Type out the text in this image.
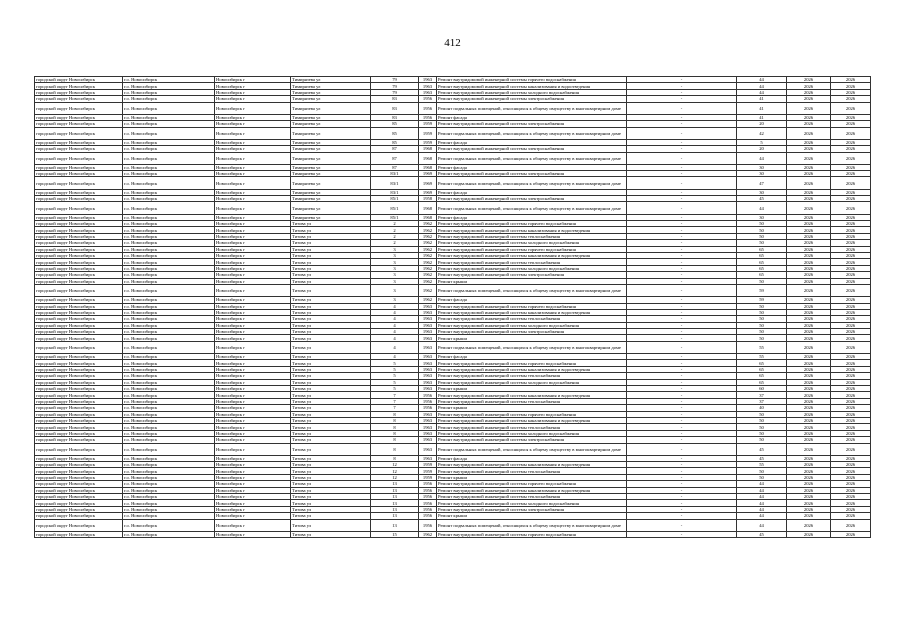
412
городской округ Новосибирск	г.о. Новосибирск	Новосибирск г	Тимирязева ул	79	1963	Ремонт внутридомовой инженерной системы горячего водоснабжения	-	44	2026	2026
городской округ Новосибирск	г.о. Новосибирск	Новосибирск г	Тимирязева ул	79	1963	Ремонт внутридомовой инженерной системы канализования и водоотведения	-	44	2026	2026
городской округ Новосибирск	г.о. Новосибирск	Новосибирск г	Тимирязева ул	79	1963	Ремонт внутридомовой инженерной системы холодного водоснабжения	-	44	2026	2026
городской округ Новосибирск	г.о. Новосибирск	Новосибирск г	Тимирязева ул	83	1956	Ремонт внутридомовой инженерной системы электроснабжения	-	41	2026	2026
городской округ Новосибирск	г.о. Новосибирск	Новосибирск г	Тимирязева ул	83	1956	Ремонт подвальных помещений, относящихся к общему имуществу в многоквартирном доме	-	41	2026	2026
городской округ Новосибирск	г.о. Новосибирск	Новосибирск г	Тимирязева ул	83	1956	Ремонт фасада	-	41	2026	2026
городской округ Новосибирск	г.о. Новосибирск	Новосибирск г	Тимирязева ул	85	1959	Ремонт внутридомовой инженерной системы электроснабжения	-	20	2026	2026
городской округ Новосибирск	г.о. Новосибирск	Новосибирск г	Тимирязева ул	85	1959	Ремонт подвальных помещений, относящихся к общему имуществу в многоквартирном доме	-	42	2026	2026
городской округ Новосибирск	г.о. Новосибирск	Новосибирск г	Тимирязева ул	85	1959	Ремонт фасада	-	5	2026	2026
городской округ Новосибирск	г.о. Новосибирск	Новосибирск г	Тимирязева ул	87	1968	Ремонт внутридомовой инженерной системы электроснабжения	-	20	2026	2026
городской округ Новосибирск	г.о. Новосибирск	Новосибирск г	Тимирязева ул	87	1968	Ремонт подвальных помещений, относящихся к общему имуществу в многоквартирном доме	-	44	2026	2026
городской округ Новосибирск	г.о. Новосибирск	Новосибирск г	Тимирязева ул	87	1968	Ремонт фасада	-	30	2026	2026
городской округ Новосибирск	г.о. Новосибирск	Новосибирск г	Тимирязева ул	83/1	1969	Ремонт внутридомовой инженерной системы электроснабжения	-	30	2026	2026
городской округ Новосибирск	г.о. Новосибирск	Новосибирск г	Тимирязева ул	83/1	1969	Ремонт подвальных помещений, относящихся к общему имуществу в многоквартирном доме	-	47	2026	2026
городской округ Новосибирск	г.о. Новосибирск	Новосибирск г	Тимирязева ул	83/1	1969	Ремонт фасада	-	30	2026	2026
городской округ Новосибирск	г.о. Новосибирск	Новосибирск г	Тимирязева ул	85/1	1958	Ремонт внутридомовой инженерной системы электроснабжения	-	45	2026	2026
городской округ Новосибирск	г.о. Новосибирск	Новосибирск г	Тимирязева ул	85/1	1968	Ремонт подвальных помещений, относящихся к общему имуществу в многоквартирном доме	-	44	2026	2026
городской округ Новосибирск	г.о. Новосибирск	Новосибирск г	Тимирязева ул	85/1	1968	Ремонт фасада	-	30	2026	2026
городской округ Новосибирск	г.о. Новосибирск	Новосибирск г	Титова ул	2	1962	Ремонт внутридомовой инженерной системы горячего водоснабжения	-	50	2026	2026
городской округ Новосибирск	г.о. Новосибирск	Новосибирск г	Титова ул	2	1962	Ремонт внутридомовой инженерной системы канализования и водоотведения	-	50	2026	2026
городской округ Новосибирск	г.о. Новосибирск	Новосибирск г	Титова ул	2	1962	Ремонт внутридомовой инженерной системы теплоснабжения	-	50	2026	2026
городской округ Новосибирск	г.о. Новосибирск	Новосибирск г	Титова ул	2	1962	Ремонт внутридомовой инженерной системы холодного водоснабжения	-	50	2026	2026
городской округ Новосибирск	г.о. Новосибирск	Новосибирск г	Титова ул	3	1962	Ремонт внутридомовой инженерной системы горячего водоснабжения	-	65	2026	2026
городской округ Новосибирск	г.о. Новосибирск	Новосибирск г	Титова ул	3	1962	Ремонт внутридомовой инженерной системы канализования и водоотведения	-	65	2026	2026
городской округ Новосибирск	г.о. Новосибирск	Новосибирск г	Титова ул	3	1962	Ремонт внутридомовой инженерной системы теплоснабжения	-	65	2026	2026
городской округ Новосибирск	г.о. Новосибирск	Новосибирск г	Титова ул	3	1962	Ремонт внутридомовой инженерной системы холодного водоснабжения	-	65	2026	2026
городской округ Новосибирск	г.о. Новосибирск	Новосибирск г	Титова ул	3	1962	Ремонт внутридомовой инженерной системы электроснабжения	-	65	2026	2026
городской округ Новосибирск	г.о. Новосибирск	Новосибирск г	Титова ул	3	1962	Ремонт крыши	-	50	2026	2026
городской округ Новосибирск	г.о. Новосибирск	Новосибирск г	Титова ул	3	1962	Ремонт подвальных помещений, относящихся к общему имуществу в многоквартирном доме	-	59	2026	2026
городской округ Новосибирск	г.о. Новосибирск	Новосибирск г	Титова ул	3	1962	Ремонт фасада	-	59	2026	2026
городской округ Новосибирск	г.о. Новосибирск	Новосибирск г	Титова ул	4	1963	Ремонт внутридомовой инженерной системы горячего водоснабжения	-	50	2026	2026
городской округ Новосибирск	г.о. Новосибирск	Новосибирск г	Титова ул	4	1963	Ремонт внутридомовой инженерной системы канализования и водоотведения	-	50	2026	2026
городской округ Новосибирск	г.о. Новосибирск	Новосибирск г	Титова ул	4	1963	Ремонт внутридомовой инженерной системы теплоснабжения	-	50	2026	2026
городской округ Новосибирск	г.о. Новосибирск	Новосибирск г	Титова ул	4	1963	Ремонт внутридомовой инженерной системы холодного водоснабжения	-	50	2026	2026
городской округ Новосибирск	г.о. Новосибирск	Новосибирск г	Титова ул	4	1963	Ремонт внутридомовой инженерной системы электроснабжения	-	50	2026	2026
городской округ Новосибирск	г.о. Новосибирск	Новосибирск г	Титова ул	4	1963	Ремонт крыши	-	50	2026	2026
городской округ Новосибирск	г.о. Новосибирск	Новосибирск г	Титова ул	4	1963	Ремонт подвальных помещений, относящихся к общему имуществу в многоквартирном доме	-	55	2026	2026
городской округ Новосибирск	г.о. Новосибирск	Новосибирск г	Титова ул	4	1963	Ремонт фасада	-	55	2026	2026
городской округ Новосибирск	г.о. Новосибирск	Новосибирск г	Титова ул	5	1963	Ремонт внутридомовой инженерной системы горячего водоснабжения	-	65	2026	2026
городской округ Новосибирск	г.о. Новосибирск	Новосибирск г	Титова ул	5	1963	Ремонт внутридомовой инженерной системы канализования и водоотведения	-	65	2026	2026
городской округ Новосибирск	г.о. Новосибирск	Новосибирск г	Титова ул	5	1963	Ремонт внутридомовой инженерной системы теплоснабжения	-	65	2026	2026
городской округ Новосибирск	г.о. Новосибирск	Новосибирск г	Титова ул	5	1963	Ремонт внутридомовой инженерной системы холодного водоснабжения	-	65	2026	2026
городской округ Новосибирск	г.о. Новосибирск	Новосибирск г	Титова ул	5	1963	Ремонт крыши	-	60	2026	2026
городской округ Новосибирск	г.о. Новосибирск	Новосибирск г	Титова ул	7	1956	Ремонт внутридомовой инженерной системы канализования и водоотведения	-	37	2026	2026
городской округ Новосибирск	г.о. Новосибирск	Новосибирск г	Титова ул	7	1956	Ремонт внутридомовой инженерной системы теплоснабжения	-	37	2026	2026
городской округ Новосибирск	г.о. Новосибирск	Новосибирск г	Титова ул	7	1956	Ремонт крыши	-	40	2026	2026
городской округ Новосибирск	г.о. Новосибирск	Новосибирск г	Титова ул	8	1963	Ремонт внутридомовой инженерной системы горячего водоснабжения	-	50	2026	2026
городской округ Новосибирск	г.о. Новосибирск	Новосибирск г	Титова ул	8	1963	Ремонт внутридомовой инженерной системы канализования и водоотведения	-	50	2026	2026
городской округ Новосибирск	г.о. Новосибирск	Новосибирск г	Титова ул	8	1963	Ремонт внутридомовой инженерной системы теплоснабжения	-	50	2026	2026
городской округ Новосибирск	г.о. Новосибирск	Новосибирск г	Титова ул	8	1963	Ремонт внутридомовой инженерной системы холодного водоснабжения	-	50	2026	2026
городской округ Новосибирск	г.о. Новосибирск	Новосибирск г	Титова ул	8	1963	Ремонт внутридомовой инженерной системы электроснабжения	-	50	2026	2026
городской округ Новосибирск	г.о. Новосибирск	Новосибирск г	Титова ул	8	1963	Ремонт подвальных помещений, относящихся к общему имуществу в многоквартирном доме	-	45	2026	2026
городской округ Новосибирск	г.о. Новосибирск	Новосибирск г	Титова ул	8	1963	Ремонт фасада	-	45	2026	2026
городской округ Новосибирск	г.о. Новосибирск	Новосибирск г	Титова ул	12	1959	Ремонт внутридомовой инженерной системы канализования и водоотведения	-	55	2026	2026
городской округ Новосибирск	г.о. Новосибирск	Новосибирск г	Титова ул	12	1959	Ремонт внутридомовой инженерной системы теплоснабжения	-	50	2026	2026
городской округ Новосибирск	г.о. Новосибирск	Новосибирск г	Титова ул	12	1959	Ремонт крыши	-	50	2026	2026
городской округ Новосибирск	г.о. Новосибирск	Новосибирск г	Титова ул	13	1956	Ремонт внутридомовой инженерной системы горячего водоснабжения	-	44	2026	2026
городской округ Новосибирск	г.о. Новосибирск	Новосибирск г	Титова ул	13	1956	Ремонт внутридомовой инженерной системы канализования и водоотведения	-	44	2026	2026
городской округ Новосибирск	г.о. Новосибирск	Новосибирск г	Титова ул	13	1956	Ремонт внутридомовой инженерной системы теплоснабжения	-	44	2026	2026
городской округ Новосибирск	г.о. Новосибирск	Новосибирск г	Титова ул	13	1956	Ремонт внутридомовой инженерной системы холодного водоснабжения	-	44	2026	2026
городской округ Новосибирск	г.о. Новосибирск	Новосибирск г	Титова ул	13	1956	Ремонт внутридомовой инженерной системы электроснабжения	-	44	2026	2026
городской округ Новосибирск	г.о. Новосибирск	Новосибирск г	Титова ул	13	1956	Ремонт крыши	-	44	2026	2026
городской округ Новосибирск	г.о. Новосибирск	Новосибирск г	Титова ул	13	1956	Ремонт подвальных помещений, относящихся к общему имуществу в многоквартирном доме	-	44	2026	2026
городской округ Новосибирск	г.о. Новосибирск	Новосибирск г	Титова ул	15	1962	Ремонт внутридомовой инженерной системы горячего водоснабжения	-	45	2026	2026
